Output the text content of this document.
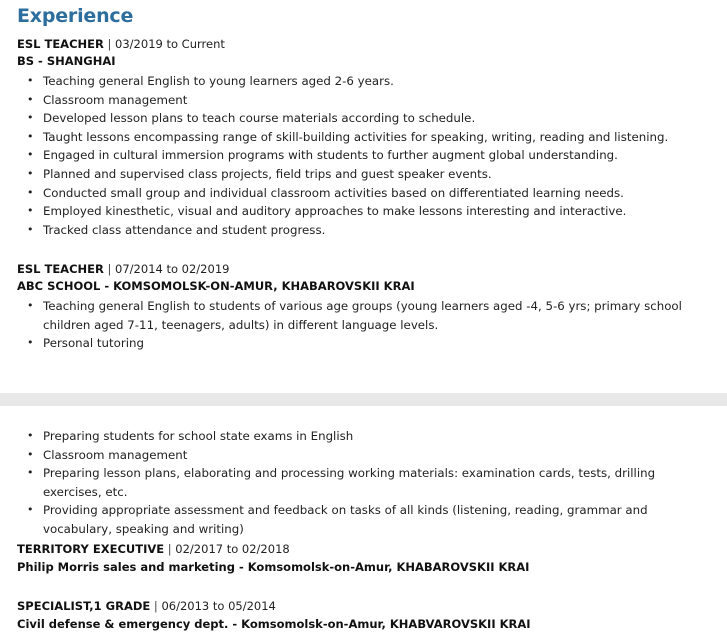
Experience
ESL TEACHER | 03/2019 to Current
BS - SHANGHAI
• Teaching general English to young learners aged 2-6 years.
• Classroom management
• Developed lesson plans to teach course materials according to schedule.
• Taught lessons encompassing range of skill-building activities for speaking, writing, reading and listening.
• Engaged in cultural immersion programs with students to further augment global understanding.
• Planned and supervised class projects, field trips and guest speaker events.
• Conducted small group and individual classroom activities based on differentiated learning needs.
• Employed kinesthetic, visual and auditory approaches to make lessons interesting and interactive.
• Tracked class attendance and student progress.
ESL TEACHER | 07/2014 to 02/2019
ABC SCHOOL - KOMSOMOLSK-ON-AMUR, KHABAROVSKII KRAI
• Teaching general English to students of various age groups (young learners aged -4, 5-6 yrs; primary school children aged 7-11, teenagers, adults) in different language levels.
• Personal tutoring
• Preparing students for school state exams in English
• Classroom management
• Preparing lesson plans, elaborating and processing working materials: examination cards, tests, drilling exercises, etc.
• Providing appropriate assessment and feedback on tasks of all kinds (listening, reading, grammar and vocabulary, speaking and writing)
TERRITORY EXECUTIVE | 02/2017 to 02/2018
Philip Morris sales and marketing - Komsomolsk-on-Amur, KHABAROVSKII KRAI
SPECIALIST,1 GRADE | 06/2013 to 05/2014
Civil defense & emergency dept. - Komsomolsk-on-Amur, KHABVAROVSKII KRAI
